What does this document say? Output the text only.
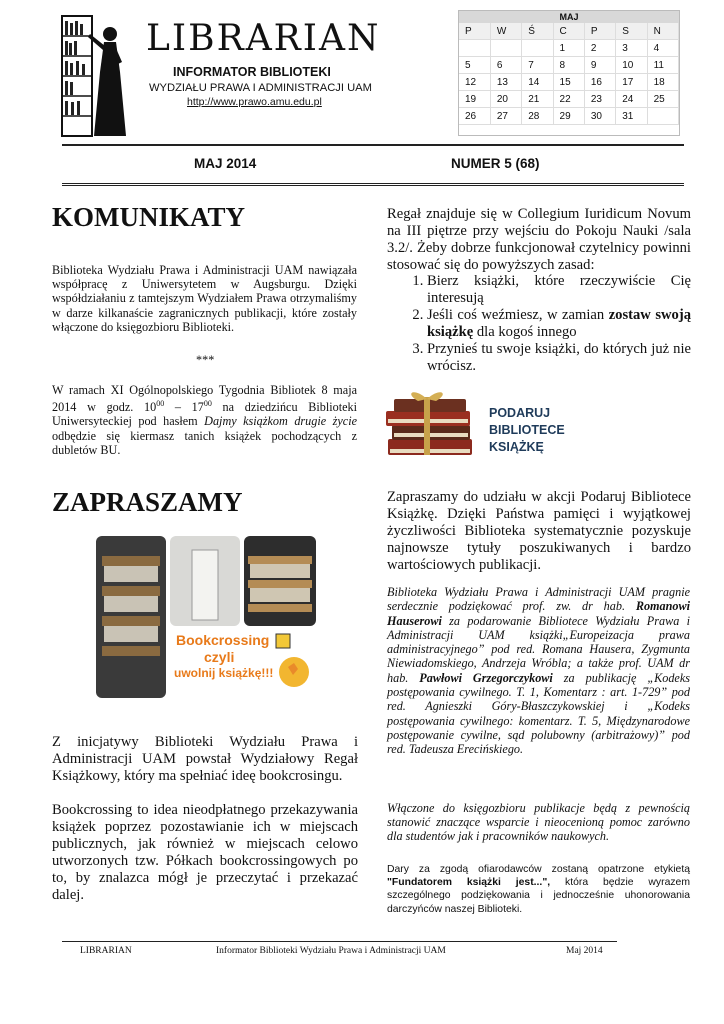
LIBRARIAN
INFORMATOR BIBLIOTEKI
WYDZIAŁU PRAWA I ADMINISTRACJI UAM
http://www.prawo.amu.edu.pl
MAJ
P	W	Ś	C	P	S	N
			1	2	3	4
5	6	7	8	9	10	11
12	13	14	15	16	17	18
19	20	21	22	23	24	25
26	27	28	29	30	31	
MAJ 2014	NUMER 5 (68)
KOMUNIKATY
Biblioteka Wydziału Prawa i Administracji UAM nawiązała współpracę z Uniwersytetem w Augsburgu. Dzięki współdziałaniu z tamtejszym Wydziałem Prawa otrzymaliśmy w darze kilkanaście zagranicznych publikacji, które zostały włączone do księgozbioru Biblioteki.
***
W ramach XI Ogólnopolskiego Tygodnia Bibliotek 8 maja 2014 w godz. $10^{00} - 17^{00}$ na dziedzińcu Biblioteki Uniwersyteckiej pod hasłem Dajmy książkom drugie życie odbędzie się kiermasz tanich książek pochodzących z dubletów BU.
ZAPRASZAMY
Bookcrossing
czyli
uwolnij książkę!!!
Z inicjatywy Biblioteki Wydziału Prawa i Administracji UAM powstał Wydziałowy Regał Książkowy, który ma spełniać ideę bookcrosingu.
Bookcrossing to idea nieodpłatnego przekazywania książek poprzez pozostawianie ich w miejscach publicznych, jak również w miejscach celowo utworzonych tzw. Półkach bookcrossingowych po to, by znalazca mógł je przeczytać i przekazać dalej.
Regał znajduje się w Collegium Iuridicum Novum na III piętrze przy wejściu do Pokoju Nauki /sala 3.2/. Żeby dobrze funkcjonował czytelnicy powinni stosować się do powyższych zasad:
1. Bierz książki, które rzeczywiście Cię interesują
2. Jeśli coś weźmiesz, w zamian zostaw swoją książkę dla kogoś innego
3. Przynieś tu swoje książki, do których już nie wrócisz.
PODARUJ
BIBLIOTECE
KSIĄŻKĘ
Zapraszamy do udziału w akcji Podaruj Bibliotece Książkę. Dzięki Państwa pamięci i wyjątkowej życzliwości Biblioteka systematycznie pozyskuje najnowsze tytuły poszukiwanych i bardzo wartościowych publikacji.
Biblioteka Wydziału Prawa i Administracji UAM pragnie serdecznie podziękować prof. zw. dr hab. Romanowi Hauserowi za podarowanie Bibliotece Wydziału Prawa i Administracji UAM książki„Europeizacja prawa administracyjnego” pod red. Romana Hausera, Zygmunta Niewiadomskiego, Andrzeja Wróbla; a także prof. UAM dr hab. Pawłowi Grzegorczykowi za publikację „Kodeks postępowania cywilnego. T. 1, Komentarz : art. 1-729” pod red. Agnieszki Góry-Błaszczykowskiej i „Kodeks postępowania cywilnego: komentarz. T. 5, Międzynarodowe postępowanie cywilne, sąd polubowny (arbitrażowy)” pod red. Tadeusza Erecińskiego.
Włączone do księgozbioru publikacje będą z pewnością stanowić znaczące wsparcie i nieocenioną pomoc zarówno dla studentów jak i pracowników naukowych.
Dary za zgodą ofiarodawców zostaną opatrzone etykietą "Fundatorem książki jest...", która będzie wyrazem szczególnego podziękowania i jednocześnie uhonorowania darczyńców naszej Biblioteki.
LIBRARIAN	Informator Biblioteki Wydziału Prawa i Administracji UAM	Maj 2014
